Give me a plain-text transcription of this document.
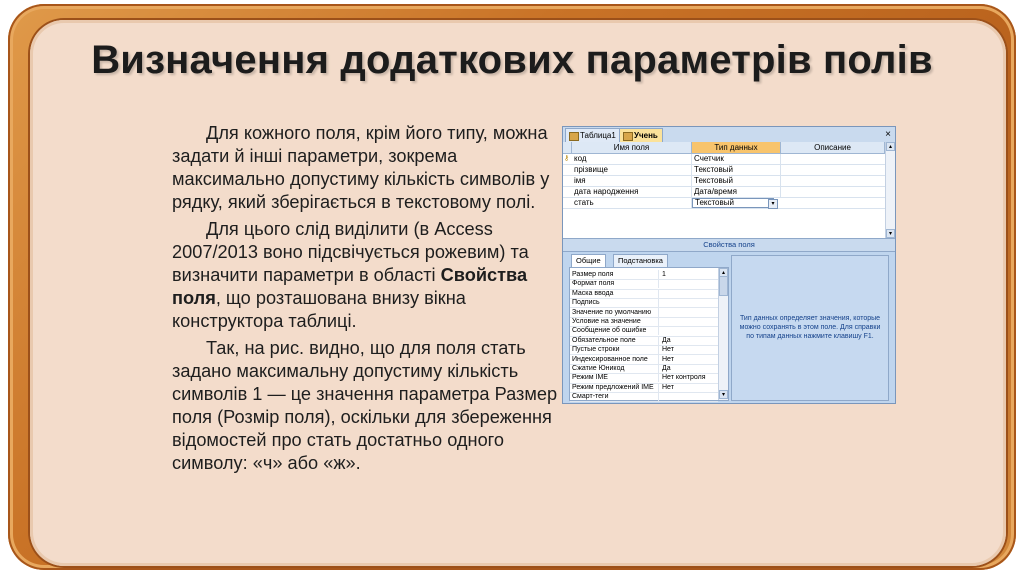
Визначення додаткових параметрів полів

Для кожного поля, крім його типу, можна задати й інші параметри, зокрема максимально допустиму кількість символів у рядку, який зберігається в текстовому полі.

Для цього слід виділити (в Access 2007/2013 воно підсвічується рожевим) та визначити параметри в області Свойства поля, що розташована внизу вікна конструктора таблиці.

Так, на рис. видно, що для поля стать задано максимальну допустиму кількість символів 1 — це значення параметра Размер поля (Розмір поля), оскільки для збереження відомостей про стать достатньо одного символу: «ч» або «ж».

Таблица1	Учень	×
Имя поля	Тип данных	Описание
⚷ код	Счетчик
прізвище	Текстовый
імя	Текстовый
дата народження	Дата/время
стать	Текстовый	▾
▴
▾
Свойства поля
Общие	Подстановка
Размер поля	1
Формат поля
Маска ввода
Подпись
Значение по умолчанию
Условие на значение
Сообщение об ошибке
Обязательное поле	Да
Пустые строки	Нет
Индексированное поле	Нет
Сжатие Юникод	Да
Режим IME	Нет контроля
Режим предложений IME	Нет
Смарт-теги
▴
▾
Тип данных определяет значения, которые можно сохранять в этом поле. Для справки по типам данных нажмите клавишу F1.
